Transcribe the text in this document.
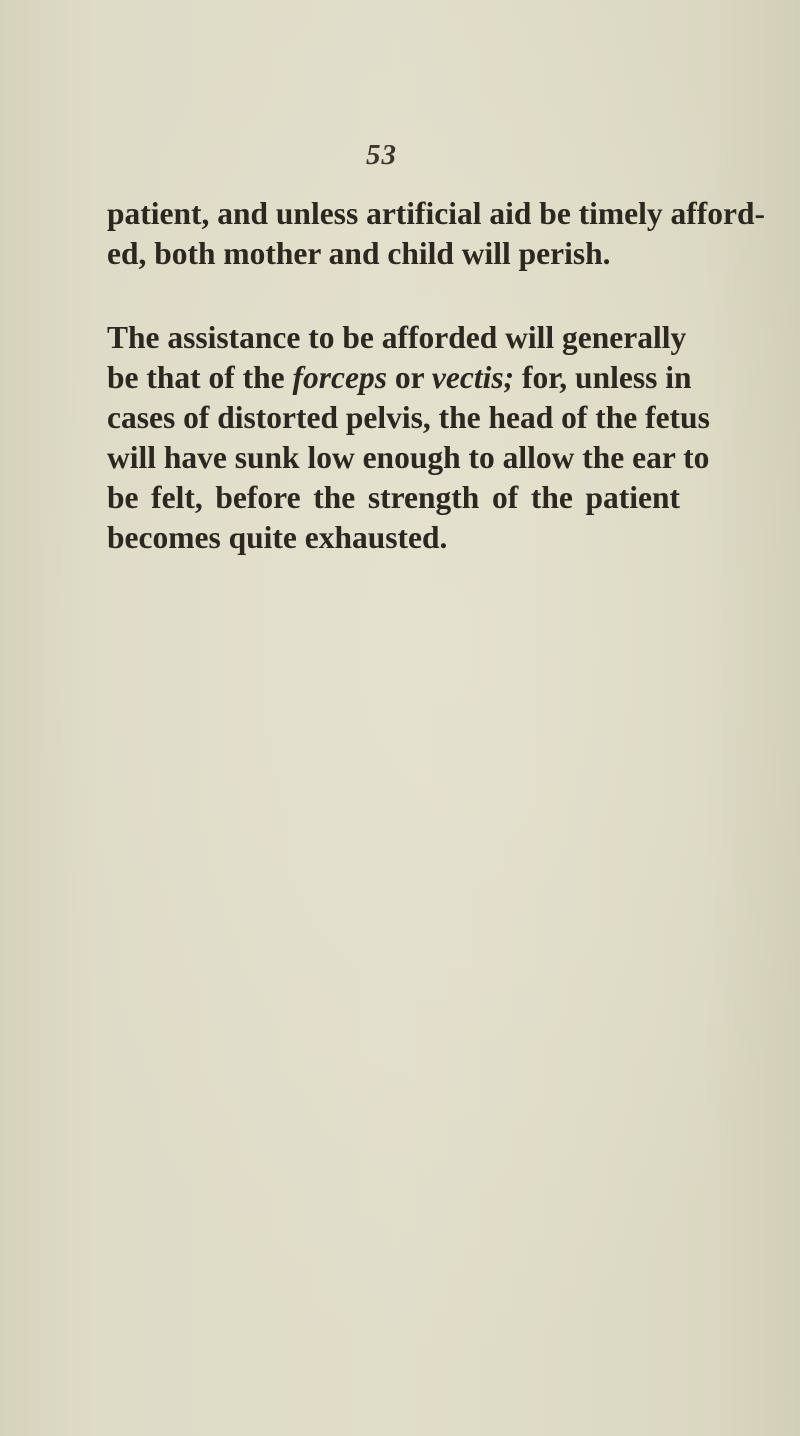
53

patient, and unless artificial aid be timely afford-
ed, both mother and child will perish.

The assistance to be afforded will generally
be that of the forceps or vectis; for, unless in
cases of distorted pelvis, the head of the fetus
will have sunk low enough to allow the ear to
be felt, before the strength of the patient
becomes quite exhausted.
